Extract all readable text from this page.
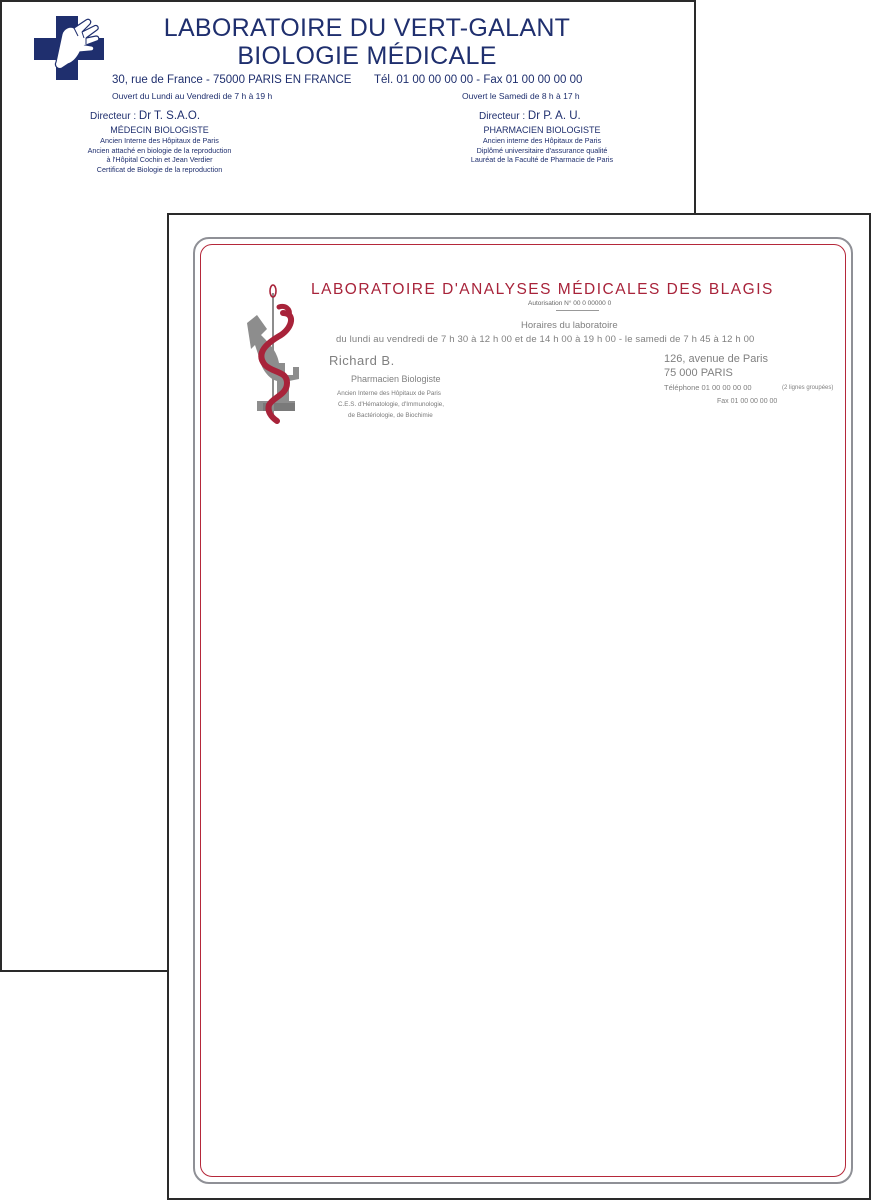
LABORATOIRE DU VERT-GALANT
BIOLOGIE MÉDICALE
30, rue de France - 75000 PARIS EN FRANCE Tél. 01 00 00 00 00 - Fax 01 00 00 00 00
Ouvert du Lundi au Vendredi de 7 h à 19 h	Ouvert le Samedi de 8 h à 17 h
Directeur : Dr T. S.A.O.	Directeur : Dr P. A. U.
MÉDECIN BIOLOGISTE
Ancien Interne des Hôpitaux de Paris
Ancien attaché en biologie de la reproduction
à l'Hôpital Cochin et Jean Verdier
Certificat de Biologie de la reproduction
PHARMACIEN BIOLOGISTE
Ancien interne des Hôpitaux de Paris
Diplômé universitaire d'assurance qualité
Lauréat de la Faculté de Pharmacie de Paris
LABORATOIRE D'ANALYSES MÉDICALES DES BLAGIS
Autorisation N° 00 0 00000 0
Horaires du laboratoire
du lundi au vendredi de 7 h 30 à 12 h 00 et de 14 h 00 à 19 h 00 - le samedi de 7 h 45 à 12 h 00
Richard B.
Pharmacien Biologiste
Ancien Interne des Hôpitaux de Paris
C.E.S. d'Hématologie, d'Immunologie,
de Bactériologie, de Biochimie
126, avenue de Paris
75 000 PARIS
Téléphone 01 00 00 00 00	(2 lignes groupées)
Fax 01 00 00 00 00
